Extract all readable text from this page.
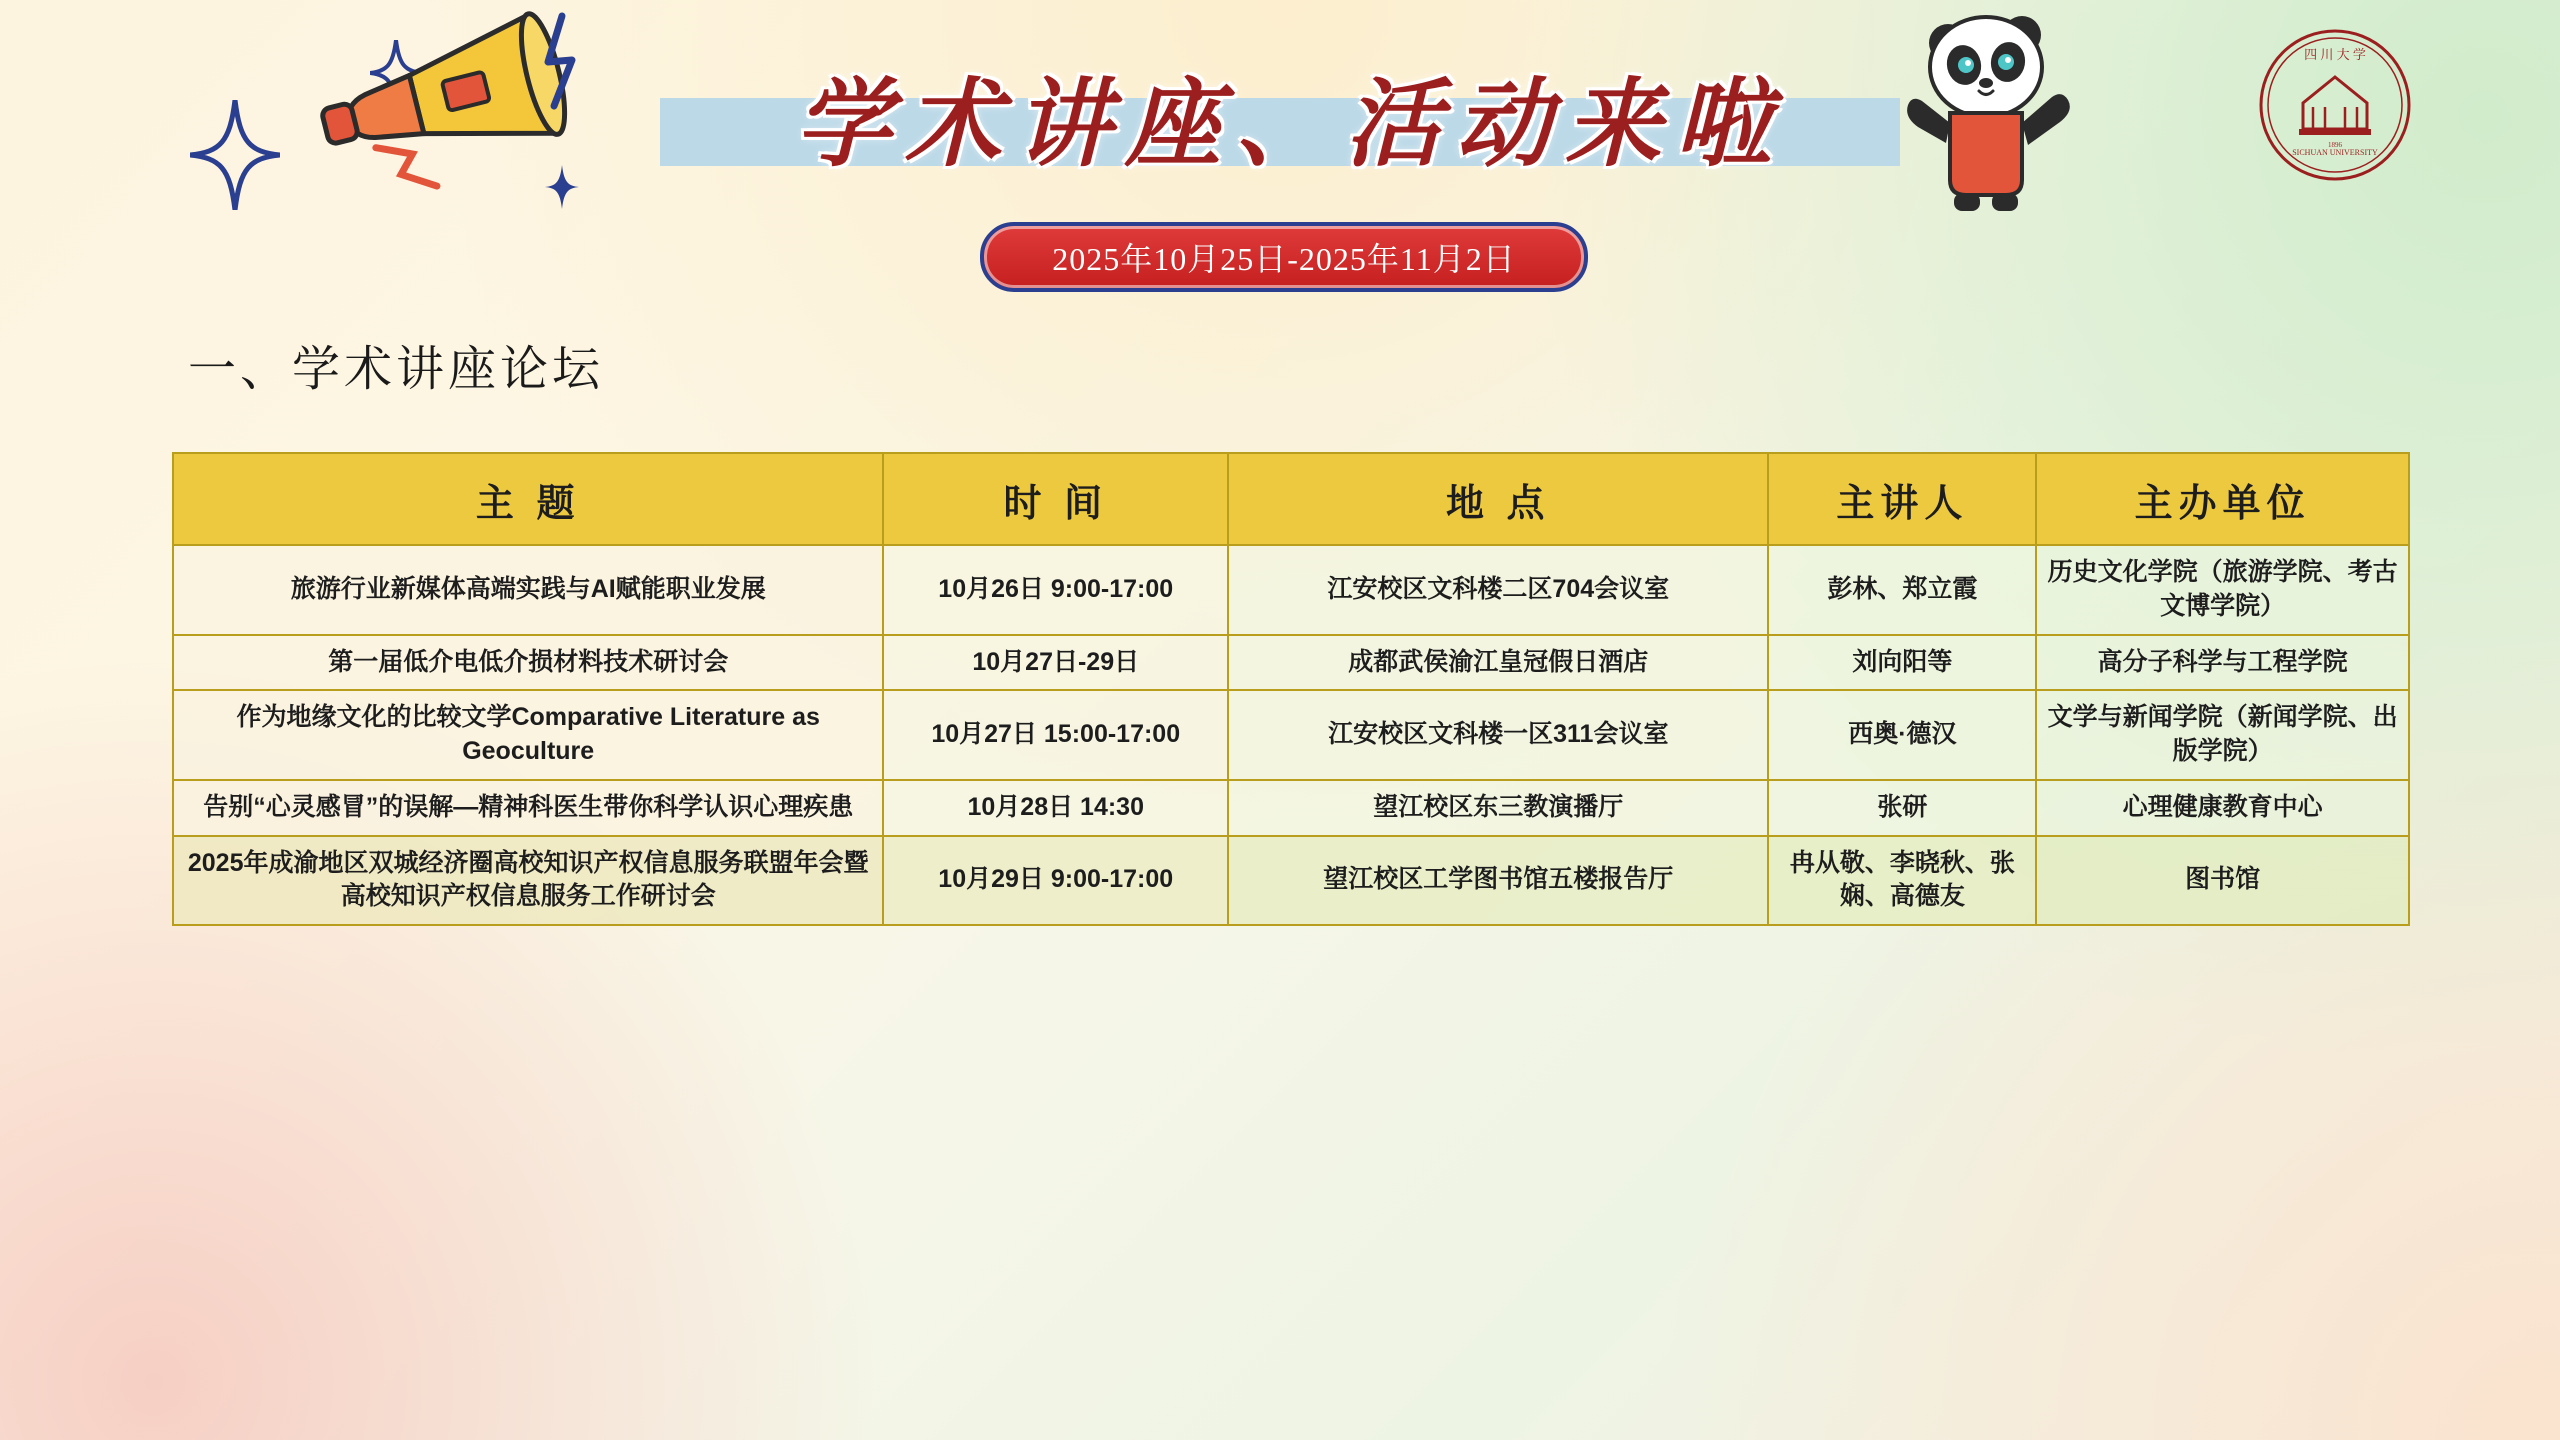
四 川 大 学
SICHUAN UNIVERSITY
1896
学术讲座、活动来啦
2025年10月25日-2025年11月2日
一、学术讲座论坛
主 题	时 间	地 点	主讲人	主办单位
旅游行业新媒体高端实践与AI赋能职业发展	10月26日 9:00-17:00	江安校区文科楼二区704会议室	彭林、郑立霞	历史文化学院（旅游学院、考古文博学院）
第一届低介电低介损材料技术研讨会	10月27日-29日	成都武侯渝江皇冠假日酒店	刘向阳等	高分子科学与工程学院
作为地缘文化的比较文学Comparative Literature as Geoculture	10月27日 15:00-17:00	江安校区文科楼一区311会议室	西奥·德汉	文学与新闻学院（新闻学院、出版学院）
告别“心灵感冒”的误解—精神科医生带你科学认识心理疾患	10月28日 14:30	望江校区东三教演播厅	张研	心理健康教育中心
2025年成渝地区双城经济圈高校知识产权信息服务联盟年会暨高校知识产权信息服务工作研讨会	10月29日 9:00-17:00	望江校区工学图书馆五楼报告厅	冉从敬、李晓秋、张娴、高德友	图书馆
